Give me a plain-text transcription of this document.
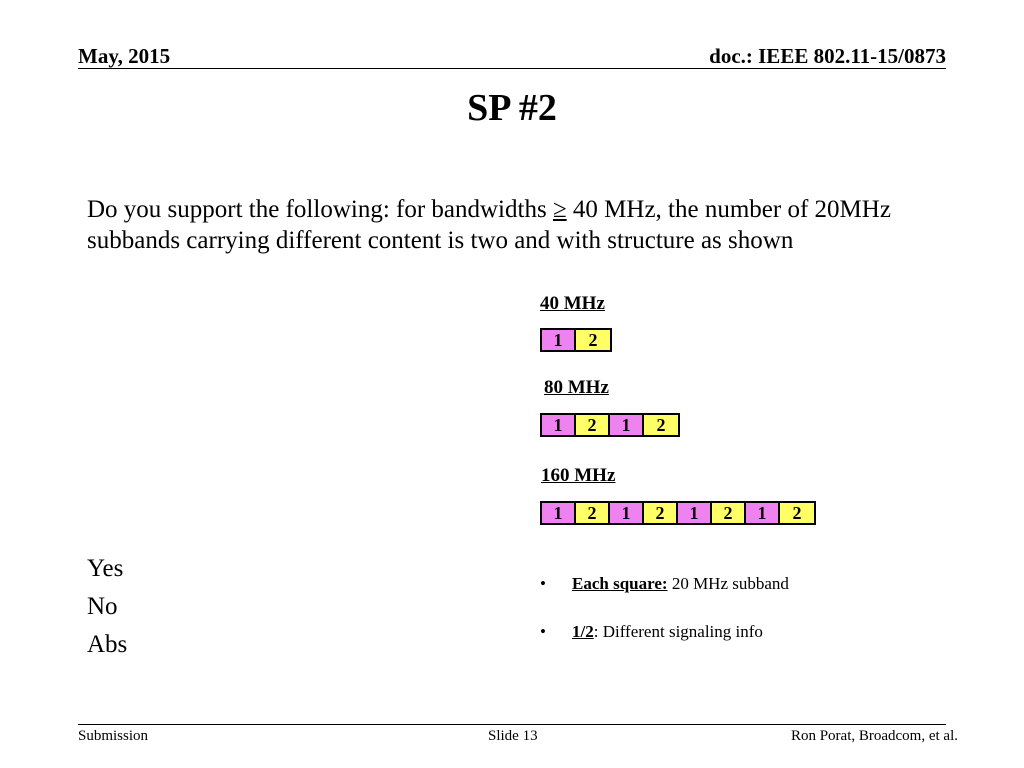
May, 2015	doc.: IEEE 802.11-15/0873
SP #2
Do you support the following: for bandwidths ≥ 40 MHz, the number of 20MHz subbands carrying different content is two and with structure as shown
40 MHz
1	2
80 MHz
1	2	1	2
160 MHz
1	2	1	2	1	2	1	2
Yes
No
Abs
•	Each square: 20 MHz subband
•	1/2 : Different signaling info
Submission	Slide 13	Ron Porat, Broadcom, et al.
